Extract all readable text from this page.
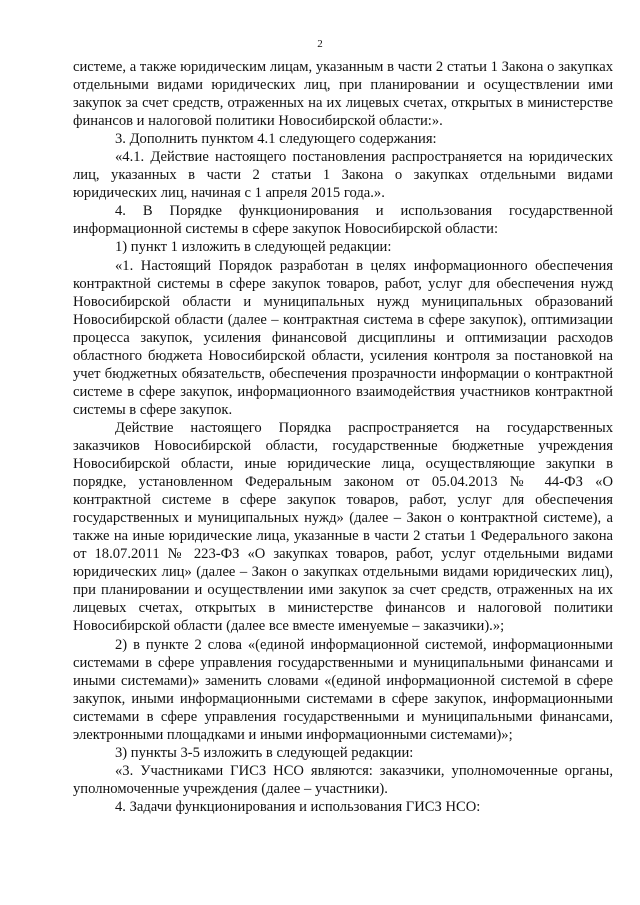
2

системе, а также юридическим лицам, указанным в части 2 статьи 1 Закона о закупках отдельными видами юридических лиц, при планировании и осуществлении ими закупок за счет средств, отраженных на их лицевых счетах, открытых в министерстве финансов и налоговой политики Новосибирской области:».

3. Дополнить пунктом 4.1 следующего содержания:

«4.1. Действие настоящего постановления распространяется на юридических лиц, указанных в части 2 статьи 1 Закона о закупках отдельными видами юридических лиц, начиная с 1 апреля 2015 года.».

4. В Порядке функционирования и использования государственной информационной системы в сфере закупок Новосибирской области:

1) пункт 1 изложить в следующей редакции:

«1. Настоящий Порядок разработан в целях информационного обеспечения контрактной системы в сфере закупок товаров, работ, услуг для обеспечения нужд Новосибирской области и муниципальных нужд муниципальных образований Новосибирской области (далее – контрактная система в сфере закупок), оптимизации процесса закупок, усиления финансовой дисциплины и оптимизации расходов областного бюджета Новосибирской области, усиления контроля за постановкой на учет бюджетных обязательств, обеспечения прозрачности информации о контрактной системе в сфере закупок, информационного взаимодействия участников контрактной системы в сфере закупок.

Действие настоящего Порядка распространяется на государственных заказчиков Новосибирской области, государственные бюджетные учреждения Новосибирской области, иные юридические лица, осуществляющие закупки в порядке, установленном Федеральным законом от 05.04.2013 № 44-ФЗ «О контрактной системе в сфере закупок товаров, работ, услуг для обеспечения государственных и муниципальных нужд» (далее – Закон о контрактной системе), а также на иные юридические лица, указанные в части 2 статьи 1 Федерального закона от 18.07.2011 № 223-ФЗ «О закупках товаров, работ, услуг отдельными видами юридических лиц» (далее – Закон о закупках отдельными видами юридических лиц), при планировании и осуществлении ими закупок за счет средств, отраженных на их лицевых счетах, открытых в министерстве финансов и налоговой политики Новосибирской области (далее все вместе именуемые – заказчики).»;

2) в пункте 2 слова «(единой информационной системой, информационными системами в сфере управления государственными и муниципальными финансами и иными системами)» заменить словами «(единой информационной системой в сфере закупок, иными информационными системами в сфере закупок, информационными системами в сфере управления государственными и муниципальными финансами, электронными площадками и иными информационными системами)»;

3) пункты 3-5 изложить в следующей редакции:

«3. Участниками ГИСЗ НСО являются: заказчики, уполномоченные органы, уполномоченные учреждения (далее – участники).

4. Задачи функционирования и использования ГИСЗ НСО:
